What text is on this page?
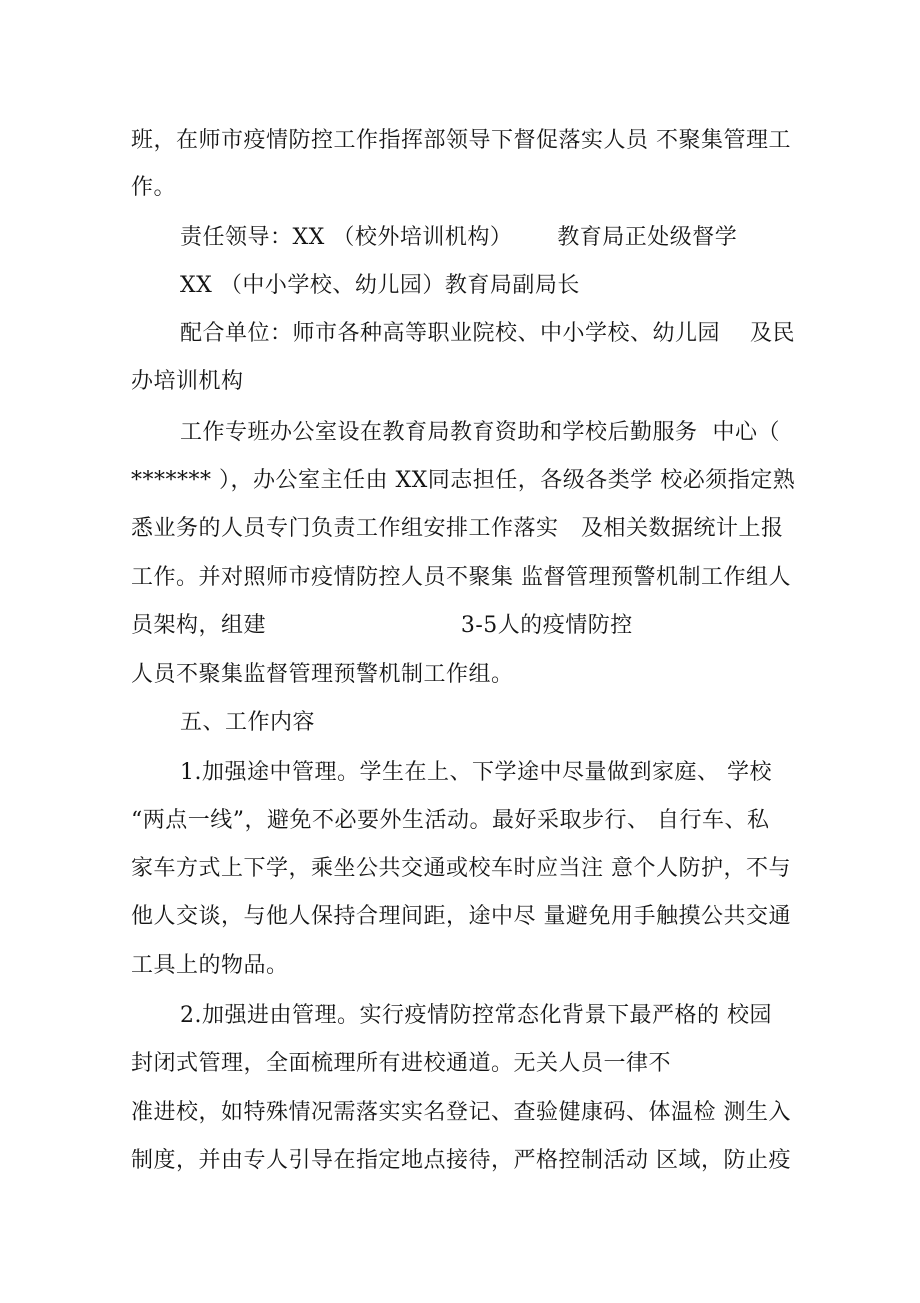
班，在师市疫情防控工作指挥部领导下督促落实人员 不聚集管理工
作。
责任领导：XX （校外培训机构）      教育局正处级督学
XX （中小学校、幼儿园）教育局副局长
配合单位：师市各种高等职业院校、中小学校、幼儿园    及民
办培训机构
工作专班办公室设在教育局教育资助和学校后勤服务  中心（
******* ），办公室主任由 XX同志担任，各级各类学 校必须指定熟
悉业务的人员专门负责工作组安排工作落实   及相关数据统计上报
工作。并对照师市疫情防控人员不聚集 监督管理预警机制工作组人
员架构，组建                          3-5人的疫情防控
人员不聚集监督管理预警机制工作组。
五、工作内容
1.加强途中管理。学生在上、下学途中尽量做到家庭、 学校
“两点一线”，避免不必要外生活动。最好采取步行、 自行车、私
家车方式上下学，乘坐公共交通或校车时应当注 意个人防护，不与
他人交谈，与他人保持合理间距，途中尽 量避免用手触摸公共交通
工具上的物品。
2.加强进由管理。实行疫情防控常态化背景下最严格的 校园
封闭式管理，全面梳理所有进校通道。无关人员一律不
准进校，如特殊情况需落实实名登记、查验健康码、体温检 测生入
制度，并由专人引导在指定地点接待，严格控制活动 区域，防止疫
